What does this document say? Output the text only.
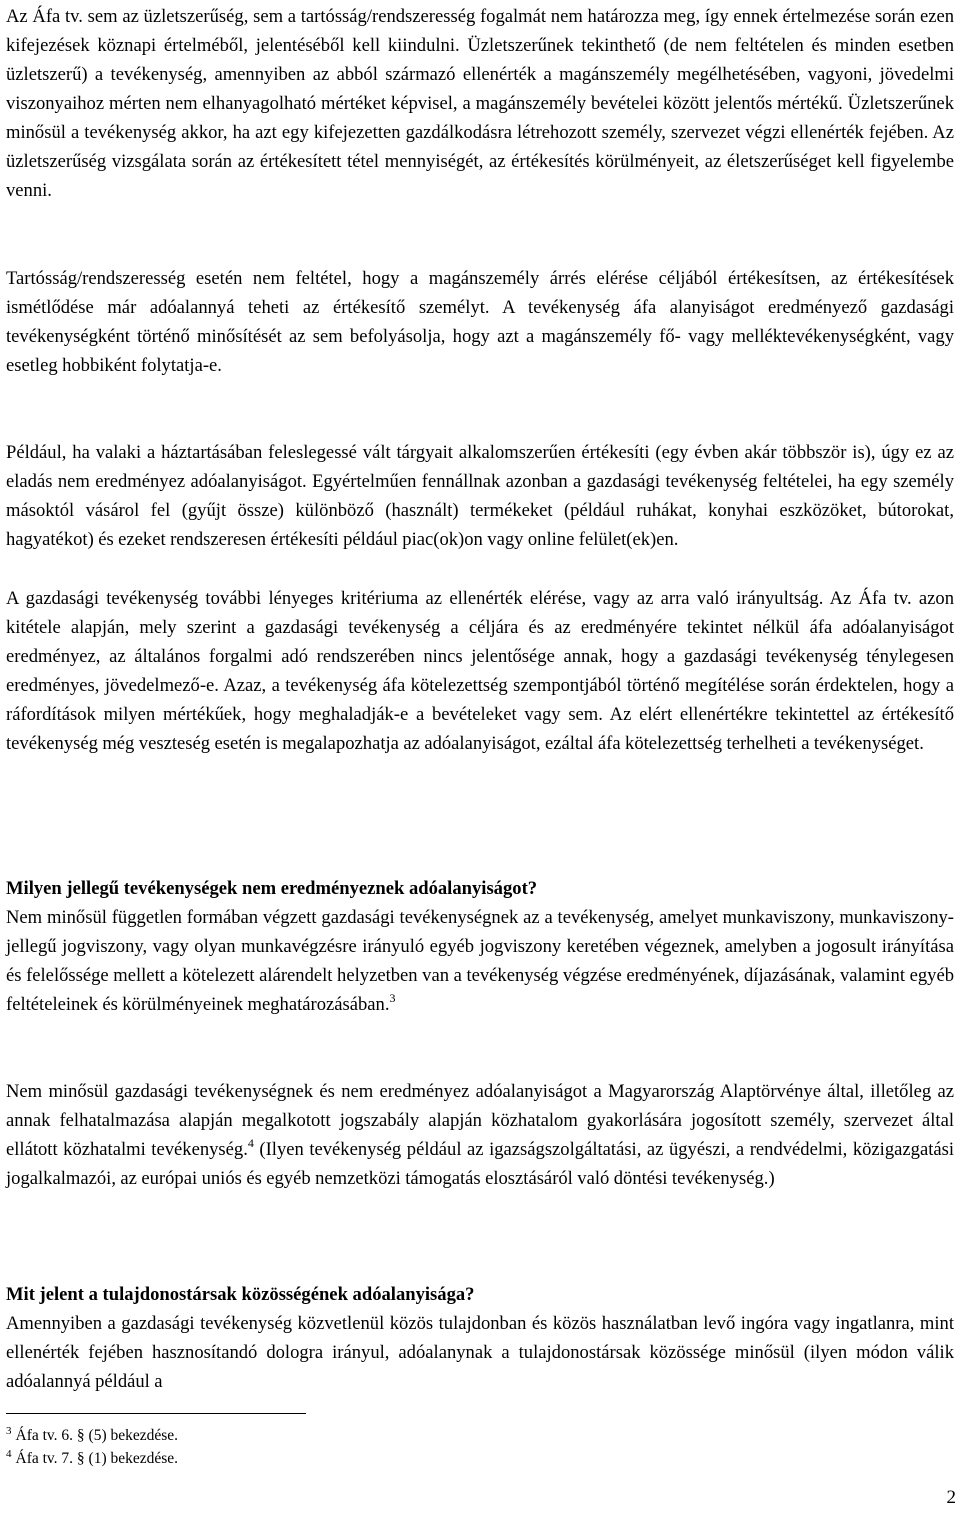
Az Áfa tv. sem az üzletszerűség, sem a tartósság/rendszeresség fogalmát nem határozza meg, így ennek értelmezése során ezen kifejezések köznapi értelméből, jelentéséből kell kiindulni. Üzletszerűnek tekinthető (de nem feltételen és minden esetben üzletszerű) a tevékenység, amennyiben az abból származó ellenérték a magánszemély megélhetésében, vagyoni, jövedelmi viszonyaihoz mérten nem elhanyagolható mértéket képvisel, a magánszemély bevételei között jelentős mértékű. Üzletszerűnek minősül a tevékenység akkor, ha azt egy kifejezetten gazdálkodásra létrehozott személy, szervezet végzi ellenérték fejében. Az üzletszerűség vizsgálata során az értékesített tétel mennyiségét, az értékesítés körülményeit, az életszerűséget kell figyelembe venni.

Tartósság/rendszeresség esetén nem feltétel, hogy a magánszemély árrés elérése céljából értékesítsen, az értékesítések ismétlődése már adóalannyá teheti az értékesítő személyt. A tevékenység áfa alanyiságot eredményező gazdasági tevékenységként történő minősítését az sem befolyásolja, hogy azt a magánszemély fő- vagy melléktevékenységként, vagy esetleg hobbiként folytatja-e.

Például, ha valaki a háztartásában feleslegessé vált tárgyait alkalomszerűen értékesíti (egy évben akár többször is), úgy ez az eladás nem eredményez adóalanyiságot. Egyértelműen fennállnak azonban a gazdasági tevékenység feltételei, ha egy személy másoktól vásárol fel (gyűjt össze) különböző (használt) termékeket (például ruhákat, konyhai eszközöket, bútorokat, hagyatékot) és ezeket rendszeresen értékesíti például piac(ok)on vagy online felület(ek)en.

A gazdasági tevékenység további lényeges kritériuma az ellenérték elérése, vagy az arra való irányultság. Az Áfa tv. azon kitétele alapján, mely szerint a gazdasági tevékenység a céljára és az eredményére tekintet nélkül áfa adóalanyiságot eredményez, az általános forgalmi adó rendszerében nincs jelentősége annak, hogy a gazdasági tevékenység ténylegesen eredményes, jövedelmező-e. Azaz, a tevékenység áfa kötelezettség szempontjából történő megítélése során érdektelen, hogy a ráfordítások milyen mértékűek, hogy meghaladják-e a bevételeket vagy sem. Az elért ellenértékre tekintettel az értékesítő tevékenység még veszteség esetén is megalapozhatja az adóalanyiságot, ezáltal áfa kötelezettség terhelheti a tevékenységet.

Milyen jellegű tevékenységek nem eredményeznek adóalanyiságot?

Nem minősül független formában végzett gazdasági tevékenységnek az a tevékenység, amelyet munkaviszony, munkaviszony-jellegű jogviszony, vagy olyan munkavégzésre irányuló egyéb jogviszony keretében végeznek, amelyben a jogosult irányítása és felelőssége mellett a kötelezett alárendelt helyzetben van a tevékenység végzése eredményének, díjazásának, valamint egyéb feltételeinek és körülményeinek meghatározásában.$^3$

Nem minősül gazdasági tevékenységnek és nem eredményez adóalanyiságot a Magyarország Alaptörvénye által, illetőleg az annak felhatalmazása alapján megalkotott jogszabály alapján közhatalom gyakorlására jogosított személy, szervezet által ellátott közhatalmi tevékenység.$^4$ (Ilyen tevékenység például az igazságszolgáltatási, az ügyészi, a rendvédelmi, közigazgatási jogalkalmazói, az európai uniós és egyéb nemzetközi támogatás elosztásáról való döntési tevékenység.)

Mit jelent a tulajdonostársak közösségének adóalanyisága?

Amennyiben a gazdasági tevékenység közvetlenül közös tulajdonban és közös használatban levő ingóra vagy ingatlanra, mint ellenérték fejében hasznosítandó dologra irányul, adóalanynak a tulajdonostársak közössége minősül (ilyen módon válik adóalannyá például a

$^3$ Áfa tv. 6. § (5) bekezdése.

$^4$ Áfa tv. 7. § (1) bekezdése.

2
